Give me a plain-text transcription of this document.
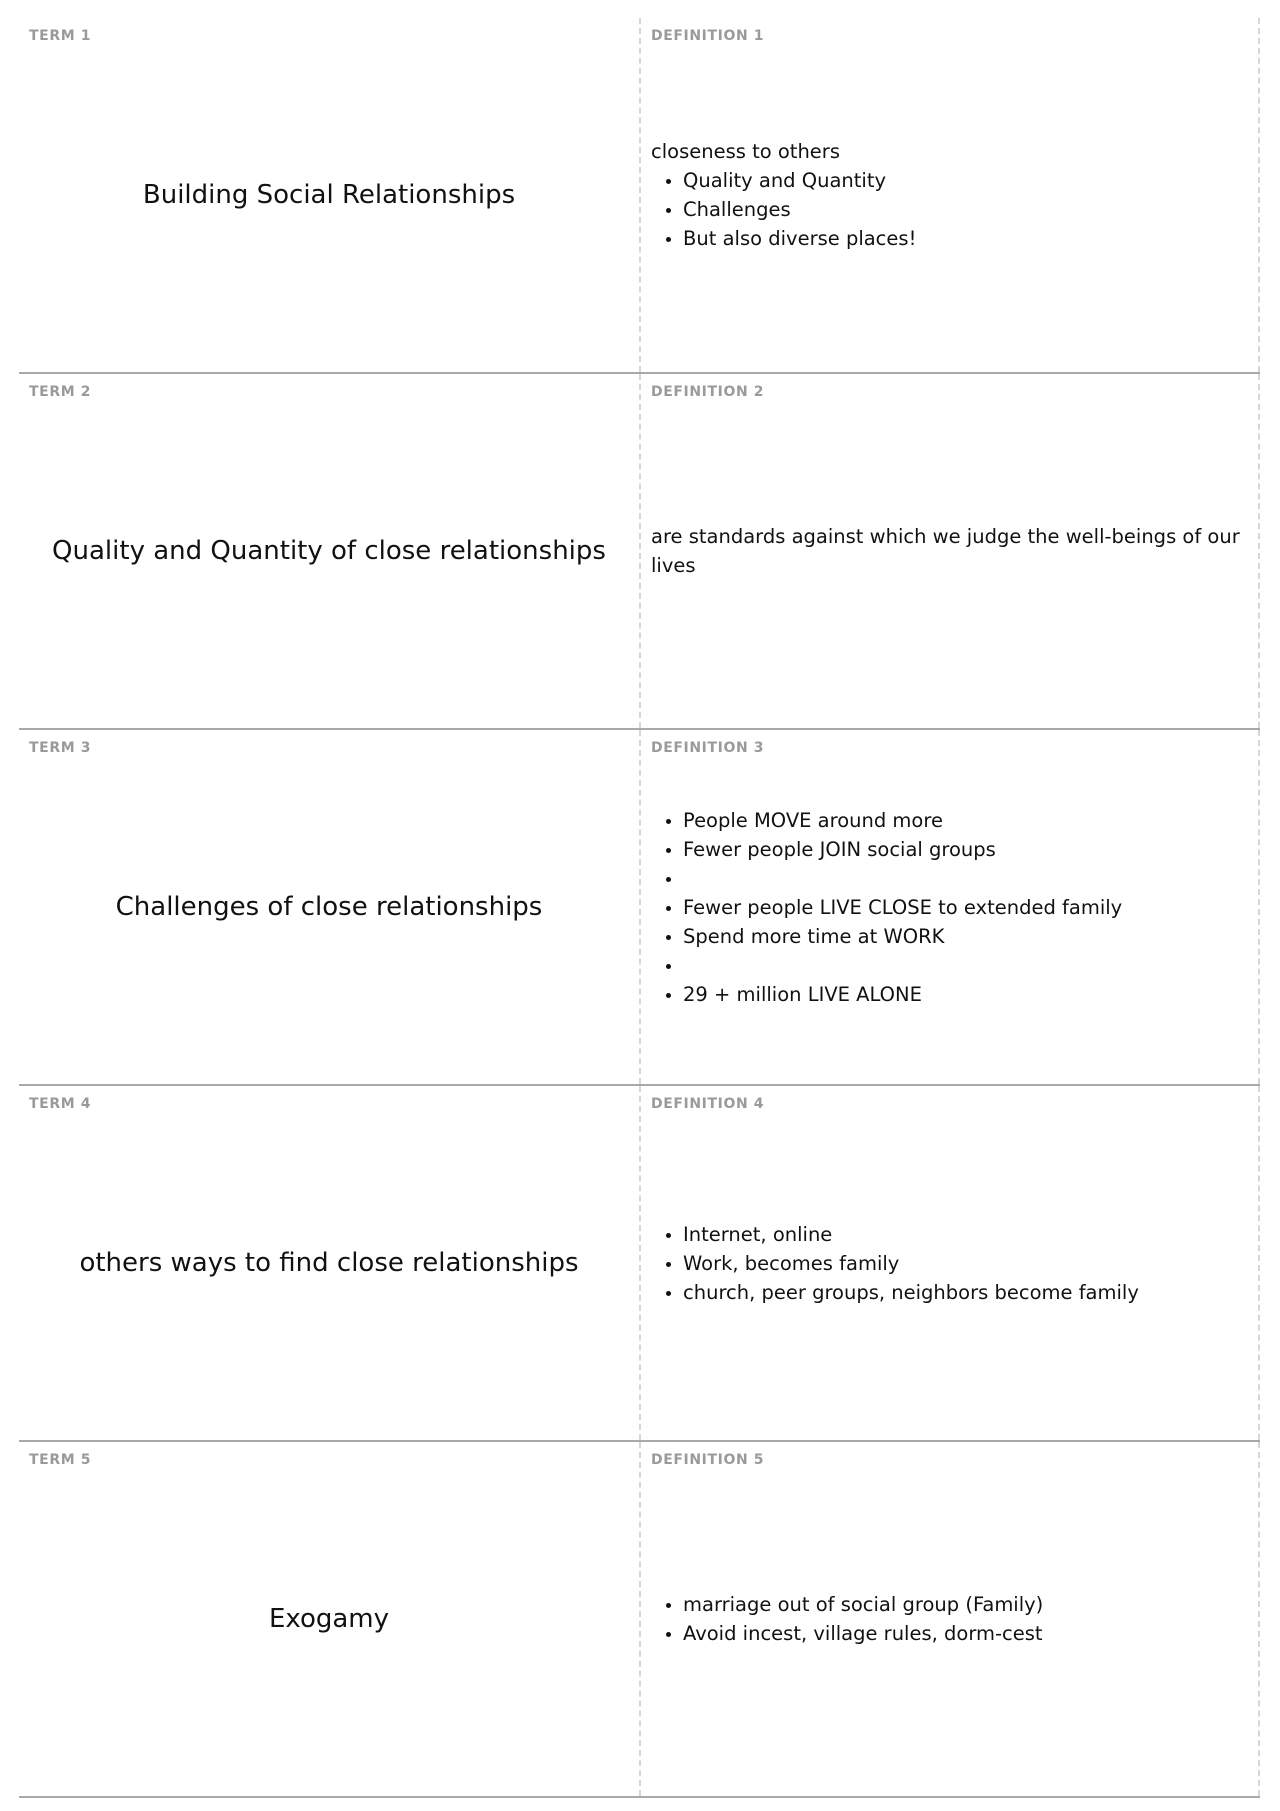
TERM 1
Building Social Relationships
DEFINITION 1

closeness to others

• Quality and Quantity
• Challenges
• But also diverse places!
TERM 2
Quality and Quantity of close relationships
DEFINITION 2

are standards against which we judge the well-beings of our lives

TERM 3
Challenges of close relationships
DEFINITION 3
• People MOVE around more
• Fewer people JOIN social groups
•
• Fewer people LIVE CLOSE to extended family
• Spend more time at WORK
•
• 29 + million LIVE ALONE
TERM 4
others ways to find close relationships
DEFINITION 4
• Internet, online
• Work, becomes family
• church, peer groups, neighbors become family
TERM 5
Exogamy
DEFINITION 5
• marriage out of social group (Family)
• Avoid incest, village rules, dorm-cest
